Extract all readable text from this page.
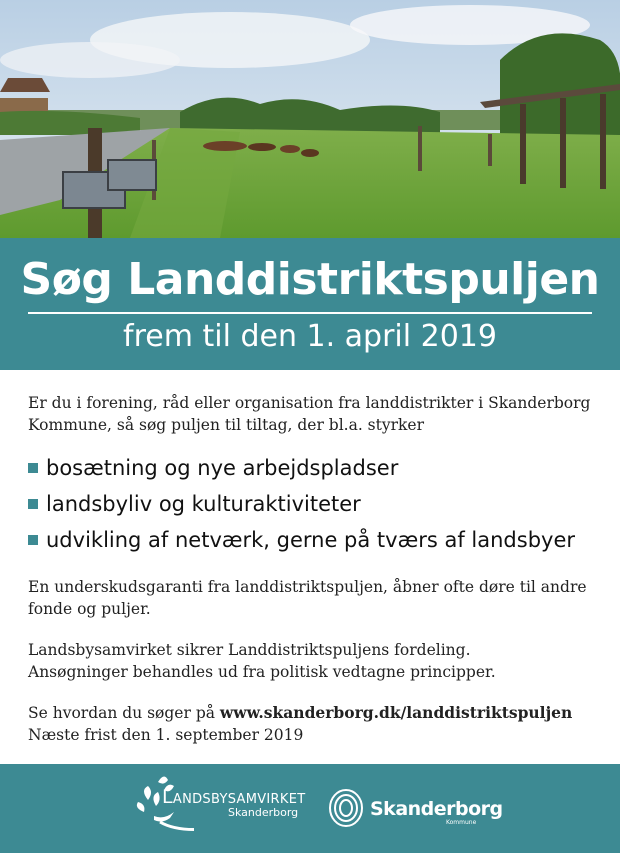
Søg Landdistriktspuljen
frem til den 1. april 2019

Er du i forening, råd eller organisation fra landdistrikter i Skanderborg Kommune, så søg puljen til tiltag, der bl.a. styrker

bosætning og nye arbejdspladser
landsbyliv og kulturaktiviteter
udvikling af netværk, gerne på tværs af landsbyer

En underskudsgaranti fra landdistriktspuljen, åbner ofte døre til andre fonde og puljer.

Landsbysamvirket sikrer Landdistriktspuljens fordeling.
Ansøgninger behandles ud fra politisk vedtagne principper.

Se hvordan du søger på www.skanderborg.dk/landdistriktspuljen
Næste frist den 1. september 2019

LANDSBYSAMVIRKET
Skanderborg	Skanderborg
Kommune
